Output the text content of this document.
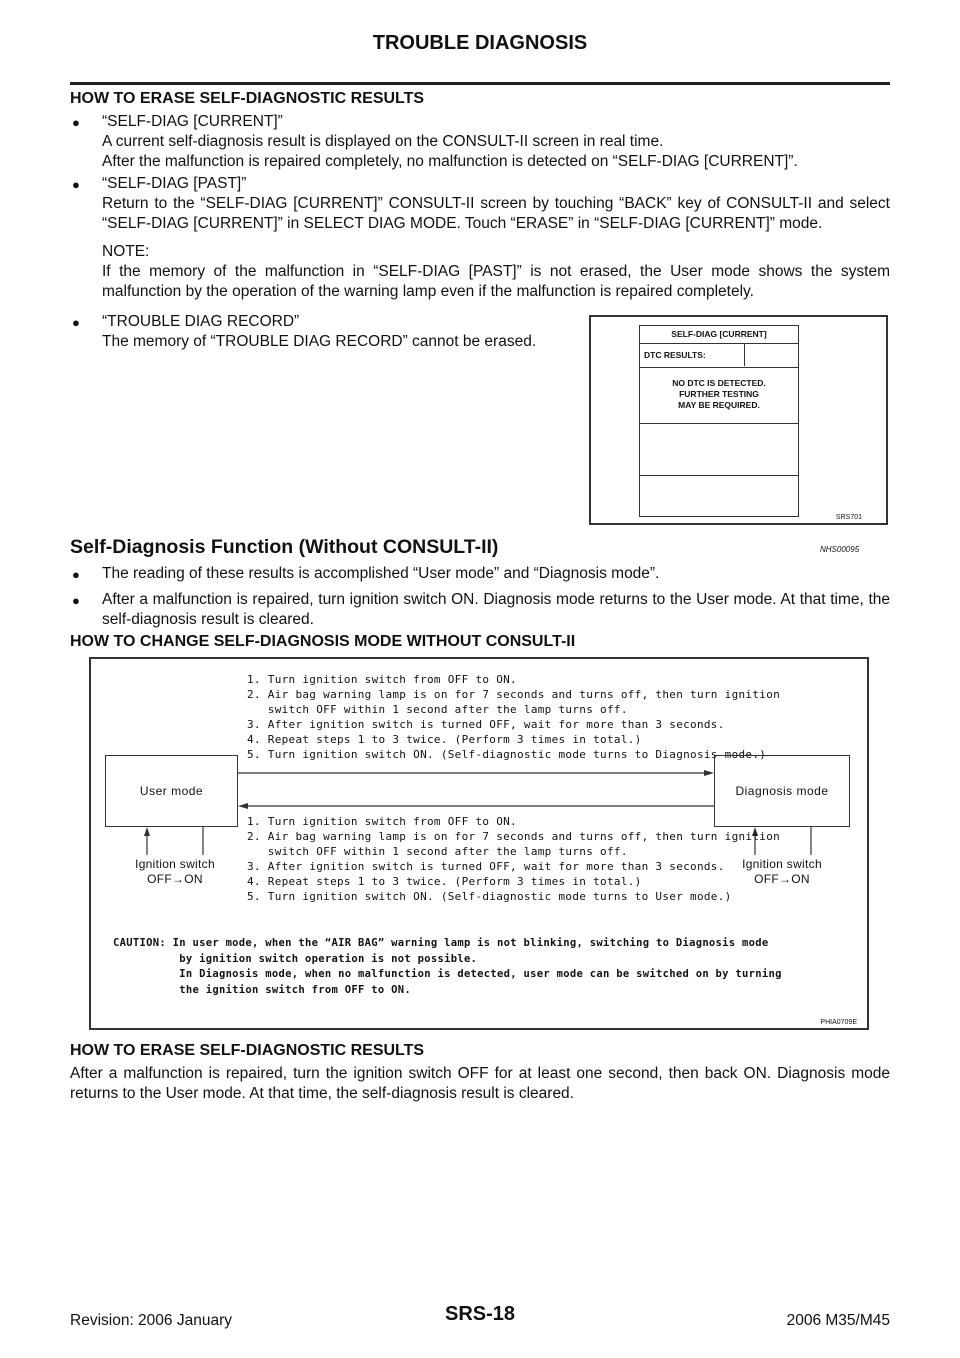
TROUBLE DIAGNOSIS
HOW TO ERASE SELF-DIAGNOSTIC RESULTS
● “SELF-DIAG [CURRENT]”
A current self-diagnosis result is displayed on the CONSULT-II screen in real time.
After the malfunction is repaired completely, no malfunction is detected on “SELF-DIAG [CURRENT]”.
● “SELF-DIAG [PAST]”
Return to the “SELF-DIAG [CURRENT]” CONSULT-II screen by touching “BACK” key of CONSULT-II and select “SELF-DIAG [CURRENT]” in SELECT DIAG MODE. Touch “ERASE” in “SELF-DIAG [CURRENT]” mode.
NOTE:
If the memory of the malfunction in “SELF-DIAG [PAST]” is not erased, the User mode shows the system malfunction by the operation of the warning lamp even if the malfunction is repaired completely.
● “TROUBLE DIAG RECORD”
The memory of “TROUBLE DIAG RECORD” cannot be erased.	SELF-DIAG [CURRENT]
DTC RESULTS:
NO DTC IS DETECTED.
FURTHER TESTING
MAY BE REQUIRED.
SRS701
Self-Diagnosis Function (Without CONSULT-II)	NHS00095
● The reading of these results is accomplished “User mode” and “Diagnosis mode”.
● After a malfunction is repaired, turn ignition switch ON. Diagnosis mode returns to the User mode. At that time, the self-diagnosis result is cleared.
HOW TO CHANGE SELF-DIAGNOSIS MODE WITHOUT CONSULT-II
1. Turn ignition switch from OFF to ON.
2. Air bag warning lamp is on for 7 seconds and turns off, then turn ignition
switch OFF within 1 second after the lamp turns off.
3. After ignition switch is turned OFF, wait for more than 3 seconds.
4. Repeat steps 1 to 3 twice. (Perform 3 times in total.)
5. Turn ignition switch ON. (Self-diagnostic mode turns to Diagnosis mode.)
User mode	Diagnosis mode
Ignition switch
OFF→ON
Ignition switch
OFF→ON
1. Turn ignition switch from OFF to ON.
2. Air bag warning lamp is on for 7 seconds and turns off, then turn ignition
switch OFF within 1 second after the lamp turns off.
3. After ignition switch is turned OFF, wait for more than 3 seconds.
4. Repeat steps 1 to 3 twice. (Perform 3 times in total.)
5. Turn ignition switch ON. (Self-diagnostic mode turns to User mode.)
CAUTION: In user mode, when the “AIR BAG” warning lamp is not blinking, switching to Diagnosis mode
by ignition switch operation is not possible.
In Diagnosis mode, when no malfunction is detected, user mode can be switched on by turning
the ignition switch from OFF to ON.
PHIA0709E
HOW TO ERASE SELF-DIAGNOSTIC RESULTS
After a malfunction is repaired, turn the ignition switch OFF for at least one second, then back ON. Diagnosis mode returns to the User mode. At that time, the self-diagnosis result is cleared.
Revision: 2006 January	SRS-18	2006 M35/M45
